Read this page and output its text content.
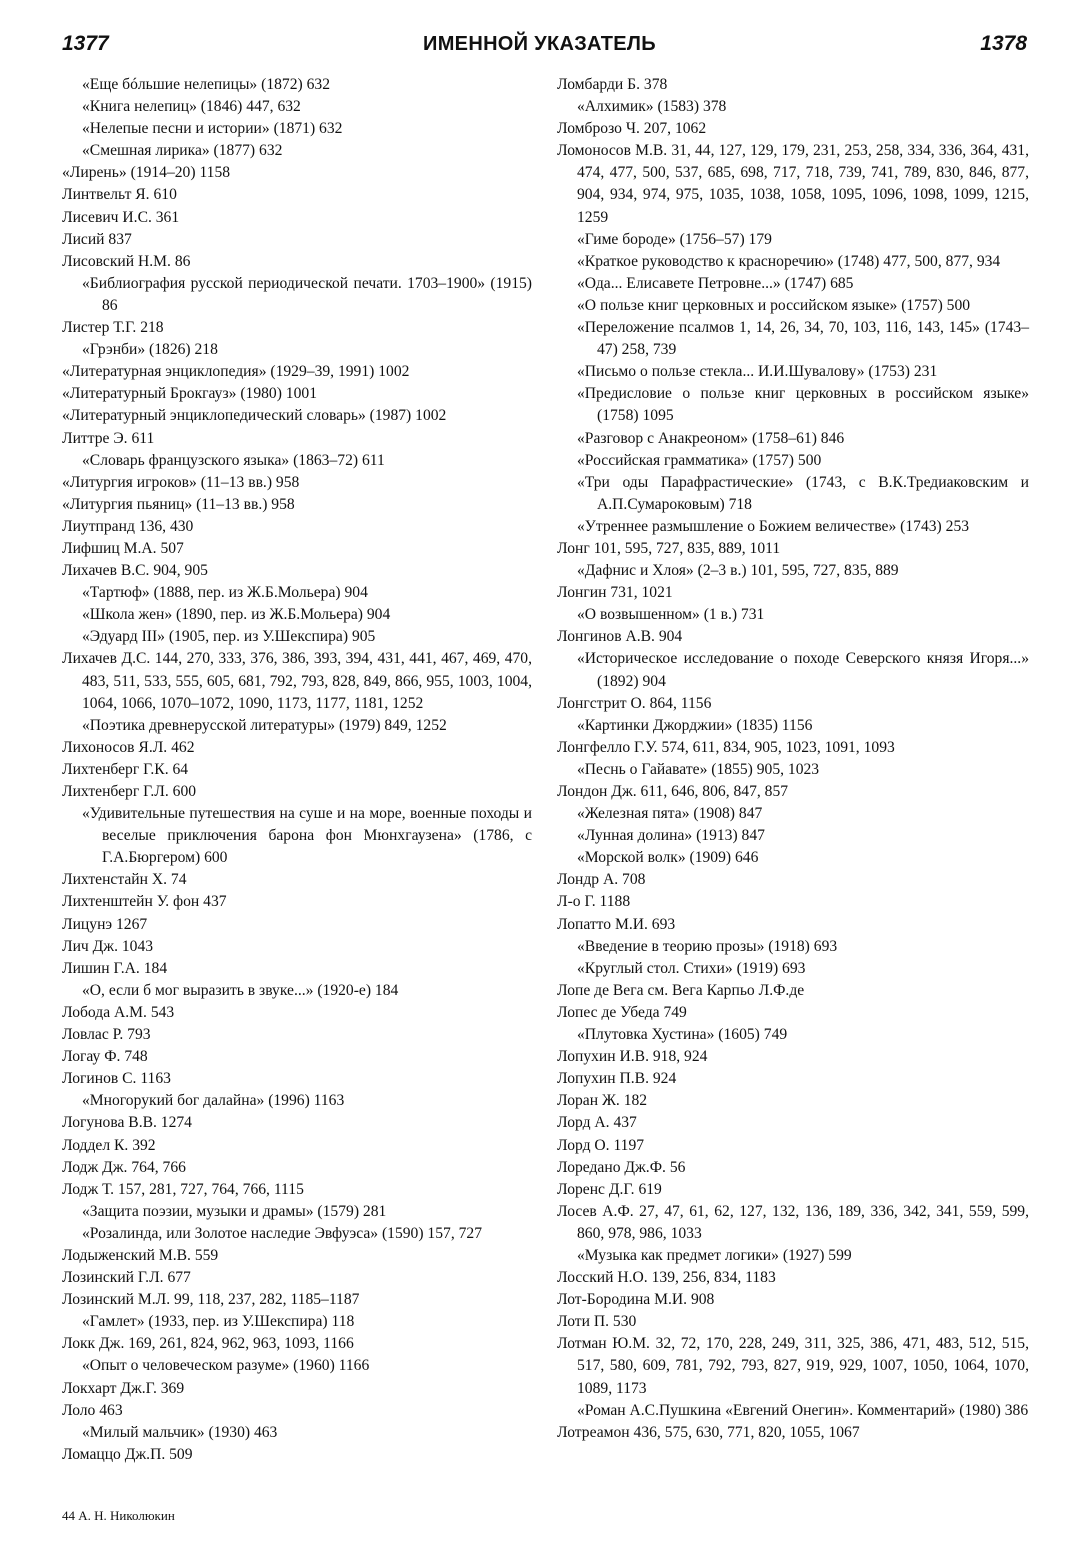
1377	ИМЕННОЙ УКАЗАТЕЛЬ	1378
«Еще бóльшие нелепицы» (1872) 632
«Книга нелепиц» (1846) 447, 632
«Нелепые песни и истории» (1871) 632
«Смешная лирика» (1877) 632
«Лирень» (1914–20) 1158
Линтвельт Я. 610
Лисевич И.С. 361
Лисий 837
Лисовский Н.М. 86
«Библиография русской периодической печати. 1703–1900» (1915) 86
Листер Т.Г. 218
«Грэнби» (1826) 218
«Литературная энциклопедия» (1929–39, 1991) 1002
«Литературный Брокгауз» (1980) 1001
«Литературный энциклопедический словарь» (1987) 1002
Литтре Э. 611
«Словарь французского языка» (1863–72) 611
«Литургия игроков» (11–13 вв.) 958
«Литургия пьяниц» (11–13 вв.) 958
Лиутпранд 136, 430
Лифшиц М.А. 507
Лихачев В.С. 904, 905
«Тартюф» (1888, пер. из Ж.Б.Мольера) 904
«Школа жен» (1890, пер. из Ж.Б.Мольера) 904
«Эдуард III» (1905, пер. из У.Шекспира) 905
Лихачев Д.С. 144, 270, 333, 376, 386, 393, 394, 431, 441, 467, 469, 470, 483, 511, 533, 555, 605, 681, 792, 793, 828, 849, 866, 955, 1003, 1004, 1064, 1066, 1070–1072, 1090, 1173, 1177, 1181, 1252
«Поэтика древнерусской литературы» (1979) 849, 1252
Лихоносов Я.Л. 462
Лихтенберг Г.К. 64
Лихтенберг Г.Л. 600
«Удивительные путешествия на суше и на море, военные походы и веселые приключения барона фон Мюнхгаузена» (1786, с Г.А.Бюргером) 600
Лихтенстайн Х. 74
Лихтенштейн У. фон 437
Лицунэ 1267
Лич Дж. 1043
Лишин Г.А. 184
«О, если б мог выразить в звуке...» (1920-е) 184
Лобода А.М. 543
Ловлас Р. 793
Логау Ф. 748
Логинов С. 1163
«Многорукий бог далайна» (1996) 1163
Логунова В.В. 1274
Лоддел К. 392
Лодж Дж. 764, 766
Лодж Т. 157, 281, 727, 764, 766, 1115
«Защита поэзии, музыки и драмы» (1579) 281
«Розалинда, или Золотое наследие Эвфуэса» (1590) 157, 727
Лодыженский М.В. 559
Лозинский Г.Л. 677
Лозинский М.Л. 99, 118, 237, 282, 1185–1187
«Гамлет» (1933, пер. из У.Шекспира) 118
Локк Дж. 169, 261, 824, 962, 963, 1093, 1166
«Опыт о человеческом разуме» (1960) 1166
Локхарт Дж.Г. 369
Лоло 463
«Милый мальчик» (1930) 463
Ломаццо Дж.П. 509
Ломбарди Б. 378
«Алхимик» (1583) 378
Ломброзо Ч. 207, 1062
Ломоносов М.В. 31, 44, 127, 129, 179, 231, 253, 258, 334, 336, 364, 431, 474, 477, 500, 537, 685, 698, 717, 718, 739, 741, 789, 830, 846, 877, 904, 934, 974, 975, 1035, 1038, 1058, 1095, 1096, 1098, 1099, 1215, 1259
«Гиме бороде» (1756–57) 179
«Краткое руководство к красноречию» (1748) 477, 500, 877, 934
«Ода... Елисавете Петровне...» (1747) 685
«О пользе книг церковных и российском языке» (1757) 500
«Переложение псалмов 1, 14, 26, 34, 70, 103, 116, 143, 145» (1743–47) 258, 739
«Письмо о пользе стекла... И.И.Шувалову» (1753) 231
«Предисловие о пользе книг церковных в российском языке» (1758) 1095
«Разговор с Анакреоном» (1758–61) 846
«Российская грамматика» (1757) 500
«Три оды Парафрастические» (1743, с В.К.Тредиаковским и А.П.Сумароковым) 718
«Утреннее размышление о Божием величестве» (1743) 253
Лонг 101, 595, 727, 835, 889, 1011
«Дафнис и Хлоя» (2–3 в.) 101, 595, 727, 835, 889
Лонгин 731, 1021
«О возвышенном» (1 в.) 731
Лонгинов А.В. 904
«Историческое исследование о походе Северского князя Игоря...» (1892) 904
Лонгстрит О. 864, 1156
«Картинки Джорджии» (1835) 1156
Лонгфелло Г.У. 574, 611, 834, 905, 1023, 1091, 1093
«Песнь о Гайавате» (1855) 905, 1023
Лондон Дж. 611, 646, 806, 847, 857
«Железная пята» (1908) 847
«Лунная долина» (1913) 847
«Морской волк» (1909) 646
Лондр А. 708
Л-о Г. 1188
Лопатто М.И. 693
«Введение в теорию прозы» (1918) 693
«Круглый стол. Стихи» (1919) 693
Лопе де Вега см. Вега Карпьо Л.Ф.де
Лопес де Убеда 749
«Плутовка Хустина» (1605) 749
Лопухин И.В. 918, 924
Лопухин П.В. 924
Лоран Ж. 182
Лорд А. 437
Лорд О. 1197
Лоредано Дж.Ф. 56
Лоренс Д.Г. 619
Лосев А.Ф. 27, 47, 61, 62, 127, 132, 136, 189, 336, 342, 341, 559, 599, 860, 978, 986, 1033
«Музыка как предмет логики» (1927) 599
Лосский Н.О. 139, 256, 834, 1183
Лот-Бородина М.И. 908
Лоти П. 530
Лотман Ю.М. 32, 72, 170, 228, 249, 311, 325, 386, 471, 483, 512, 515, 517, 580, 609, 781, 792, 793, 827, 919, 929, 1007, 1050, 1064, 1070, 1089, 1173
«Роман А.С.Пушкина «Евгений Онегин». Комментарий» (1980) 386
Лотреамон 436, 575, 630, 771, 820, 1055, 1067
44 А. Н. Николюкин
